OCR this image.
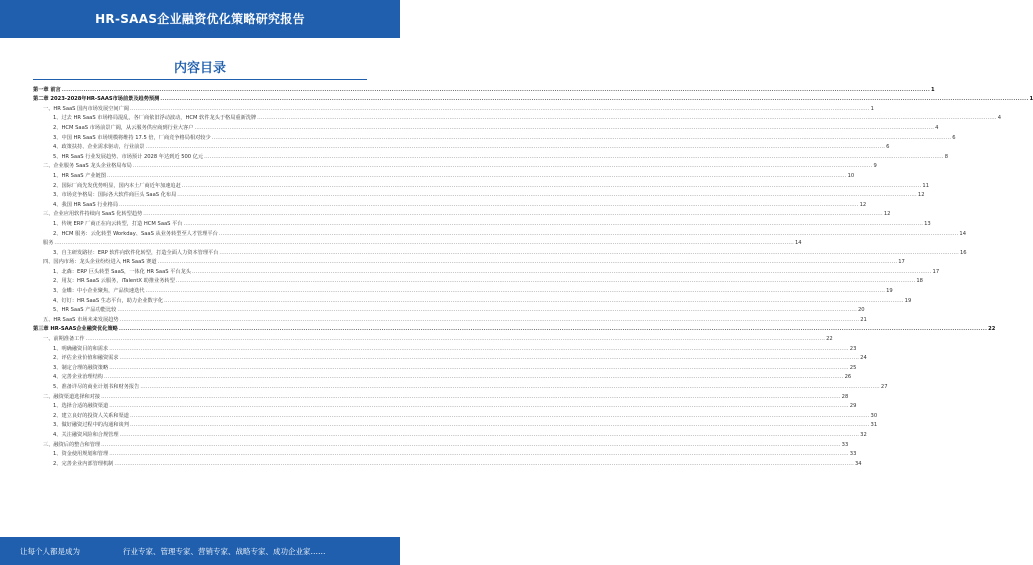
HR-SAAS企业融资优化策略研究报告
内容目录
第一章 前言 ................................................................................................................................................................................................................................................................................................................................................................................................................ 1
第二章 2023-2028年HR-SAAS市场前景及趋势预测 ................................................................................................................................................................................................................................................................................................................................................................................................................ 1
一、HR SaaS 国内市场发展空间广阔 ................................................................................................................................................................................................................................................................................................................................................................................................................ 1
1、过去 HR SaaS 市场格局混乱，各厂商依旧浮动波动，HCM 软件龙头于格局重新洗牌 ................................................................................................................................................................................................................................................................................................................................................................................................................ 4
2、HCM SaaS 市场前景广阔，从云服务供应商到行业大客户 ................................................................................................................................................................................................................................................................................................................................................................................................................ 4
3、中国 HR SaaS 市场规模将维持 17.5 倍，厂商竞争格局相对较少 ................................................................................................................................................................................................................................................................................................................................................................................................................ 6
4、政策扶持、企业需求驱动，行业前景 ................................................................................................................................................................................................................................................................................................................................................................................................................ 6
5、HR SaaS 行业发展趋势、市场预计 2028 年达到近 500 亿元 ................................................................................................................................................................................................................................................................................................................................................................................................................ 8
二、企业服务 SaaS 龙头企业格局布局 ................................................................................................................................................................................................................................................................................................................................................................................................................ 9
1、HR SaaS 产业链图 ................................................................................................................................................................................................................................................................................................................................................................................................................ 10
2、国际厂商先发优势明显，国内本土厂商近年加速追赶 ................................................................................................................................................................................................................................................................................................................................................................................................................ 11
3、市场竞争格局：国际各大软件商巨头 SaaS 化布局 ................................................................................................................................................................................................................................................................................................................................................................................................................ 12
4、我国 HR SaaS 行业格局 ................................................................................................................................................................................................................................................................................................................................................................................................................ 12
三、企业应用软件持续向 SaaS 化转型趋势 ................................................................................................................................................................................................................................................................................................................................................................................................................ 12
1、传统 ERP 厂商正在向云转型，打造 HCM SaaS 平台 ................................................................................................................................................................................................................................................................................................................................................................................................................ 13
2、HCM 服务：云化转型 Workday、SaaS 从业务转型至人才管理平台 ................................................................................................................................................................................................................................................................................................................................................................................................................ 14
服务 ................................................................................................................................................................................................................................................................................................................................................................................................................ 14
3、自主研发路径：ERP 软件向软件化转型，打造全面人力资本管理平台 ................................................................................................................................................................................................................................................................................................................................................................................................................ 16
四、国内市场：龙头企业纷纷进入 HR SaaS 赛道 ................................................................................................................................................................................................................................................................................................................................................................................................................ 17
1、北森：ERP 巨头转型 SaaS，一体化 HR SaaS 平台龙头 ................................................................................................................................................................................................................................................................................................................................................................................................................ 17
2、用友：HR SaaS 云服务，iTalentX 助推业务转型 ................................................................................................................................................................................................................................................................................................................................................................................................................ 18
3、金蝶：中小企业聚焦，产品快速迭代 ................................................................................................................................................................................................................................................................................................................................................................................................................ 19
4、钉钉：HR SaaS 生态平台，助力企业数字化 ................................................................................................................................................................................................................................................................................................................................................................................................................ 19
5、HR SaaS 产品功能比较 ................................................................................................................................................................................................................................................................................................................................................................................................................ 20
五、HR SaaS 市场未来发展趋势 ................................................................................................................................................................................................................................................................................................................................................................................................................ 21
第三章 HR-SAAS企业融资优化策略 ................................................................................................................................................................................................................................................................................................................................................................................................................ 22
一、前期准备工作 ................................................................................................................................................................................................................................................................................................................................................................................................................ 22
1、明确融资目的和需求 ................................................................................................................................................................................................................................................................................................................................................................................................................ 23
2、评估企业价值和融资需求 ................................................................................................................................................................................................................................................................................................................................................................................................................ 24
3、制定合理的融资策略 ................................................................................................................................................................................................................................................................................................................................................................................................................ 25
4、完善企业治理结构 ................................................................................................................................................................................................................................................................................................................................................................................................................ 26
5、准备详尽的商业计划书和财务报告 ................................................................................................................................................................................................................................................................................................................................................................................................................ 27
二、融资渠道选择和对接 ................................................................................................................................................................................................................................................................................................................................................................................................................ 28
1、选择合适的融资渠道 ................................................................................................................................................................................................................................................................................................................................................................................................................ 29
2、建立良好的投资人关系和渠道 ................................................................................................................................................................................................................................................................................................................................................................................................................ 30
3、做好融资过程中的沟通和谈判 ................................................................................................................................................................................................................................................................................................................................................................................................................ 31
4、关注融资风险和合规管理 ................................................................................................................................................................................................................................................................................................................................................................................................................ 32
三、融资后的整合和管理 ................................................................................................................................................................................................................................................................................................................................................................................................................ 33
1、资金使用规划和管理 ................................................................................................................................................................................................................................................................................................................................................................................................................ 33
2、完善企业内部管理机制 ................................................................................................................................................................................................................................................................................................................................................................................................................ 34
让每个人都是成为	行业专家、管理专家、营销专家、战略专家、成功企业家……
